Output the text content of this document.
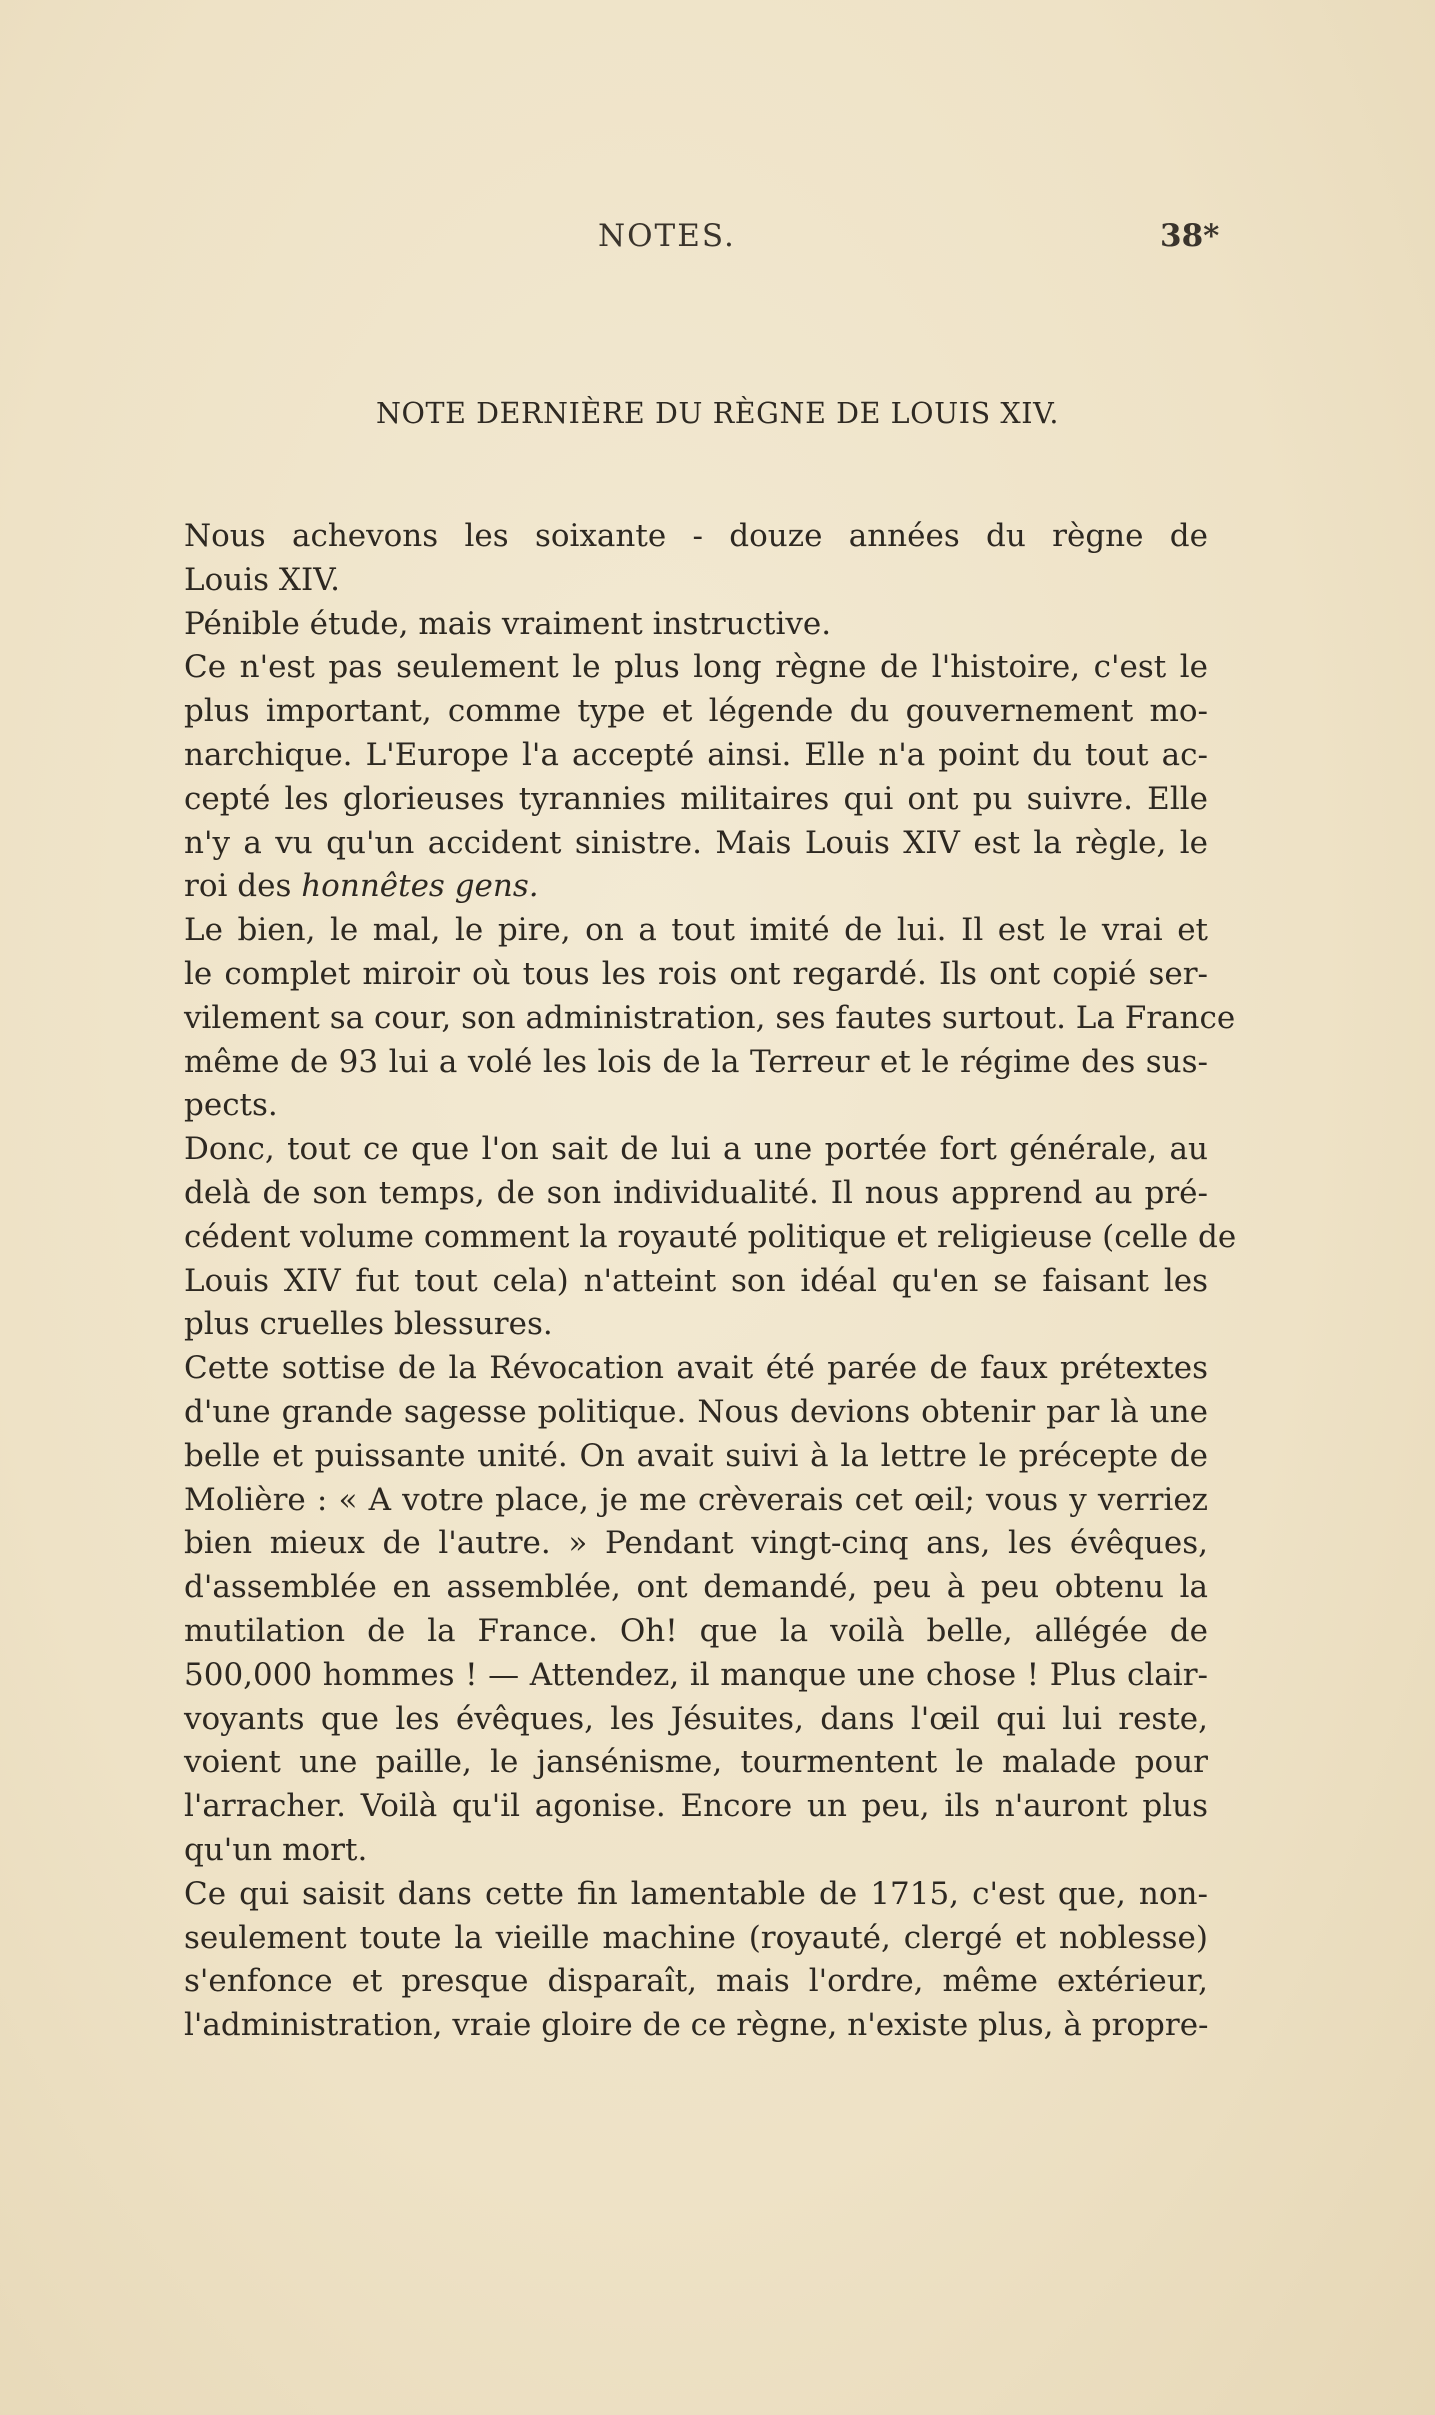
NOTES.	38*
NOTE DERNIÈRE DU RÈGNE DE LOUIS XIV.
Nous achevons les soixante - douze années du règne de
Louis XIV.
Pénible étude, mais vraiment instructive.
Ce n'est pas seulement le plus long règne de l'histoire, c'est le
plus important, comme type et légende du gouvernement mo-
narchique. L'Europe l'a accepté ainsi. Elle n'a point du tout ac-
cepté les glorieuses tyrannies militaires qui ont pu suivre. Elle
n'y a vu qu'un accident sinistre. Mais Louis XIV est la règle, le
roi des honnêtes gens.
Le bien, le mal, le pire, on a tout imité de lui. Il est le vrai et
le complet miroir où tous les rois ont regardé. Ils ont copié ser-
vilement sa cour, son administration, ses fautes surtout. La France
même de 93 lui a volé les lois de la Terreur et le régime des sus-
pects.
Donc, tout ce que l'on sait de lui a une portée fort générale, au
delà de son temps, de son individualité. Il nous apprend au pré-
cédent volume comment la royauté politique et religieuse (celle de
Louis XIV fut tout cela) n'atteint son idéal qu'en se faisant les
plus cruelles blessures.
Cette sottise de la Révocation avait été parée de faux prétextes
d'une grande sagesse politique. Nous devions obtenir par là une
belle et puissante unité. On avait suivi à la lettre le précepte de
Molière : « A votre place, je me crèverais cet œil; vous y verriez
bien mieux de l'autre. » Pendant vingt-cinq ans, les évêques,
d'assemblée en assemblée, ont demandé, peu à peu obtenu la
mutilation de la France. Oh! que la voilà belle, allégée de
500,000 hommes ! — Attendez, il manque une chose ! Plus clair-
voyants que les évêques, les Jésuites, dans l'œil qui lui reste,
voient une paille, le jansénisme, tourmentent le malade pour
l'arracher. Voilà qu'il agonise. Encore un peu, ils n'auront plus
qu'un mort.
Ce qui saisit dans cette fin lamentable de 1715, c'est que, non-
seulement toute la vieille machine (royauté, clergé et noblesse)
s'enfonce et presque disparaît, mais l'ordre, même extérieur,
l'administration, vraie gloire de ce règne, n'existe plus, à propre-
